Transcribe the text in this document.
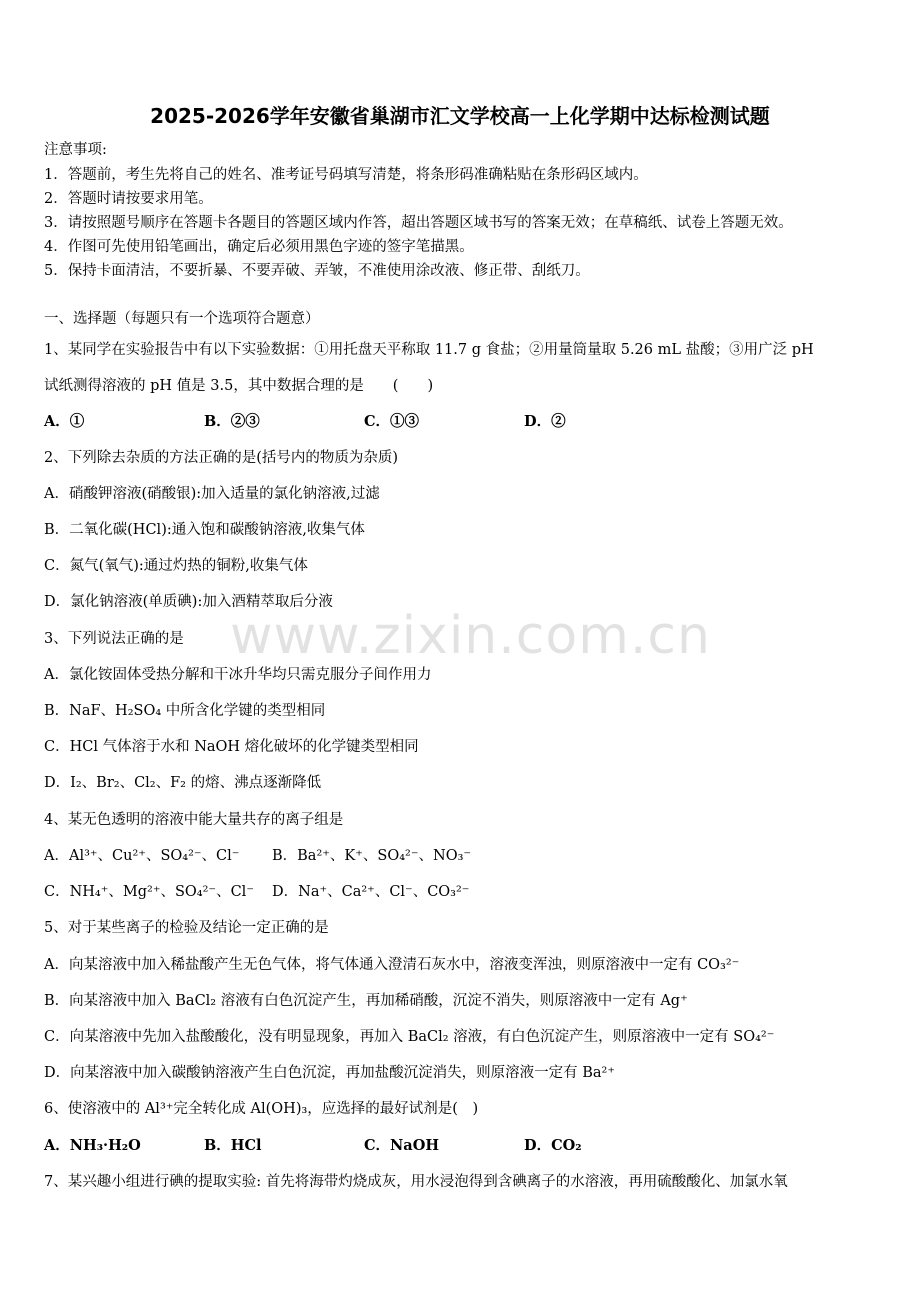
2025-2026学年安徽省巢湖市汇文学校高一上化学期中达标检测试题
注意事项:
1．答题前，考生先将自己的姓名、准考证号码填写清楚，将条形码准确粘贴在条形码区域内。
2．答题时请按要求用笔。
3．请按照题号顺序在答题卡各题目的答题区域内作答，超出答题区域书写的答案无效；在草稿纸、试卷上答题无效。
4．作图可先使用铅笔画出，确定后必须用黑色字迹的签字笔描黑。
5．保持卡面清洁，不要折暴、不要弄破、弄皱，不准使用涂改液、修正带、刮纸刀。
一、选择题（每题只有一个选项符合题意）
1、某同学在实验报告中有以下实验数据：①用托盘天平称取 11.7 g 食盐；②用量筒量取 5.26 mL 盐酸；③用广泛 pH
试纸测得溶液的 pH 值是 3.5，其中数据合理的是　　(　　)
A．①	B．②③	C．①③	D．②
2、下列除去杂质的方法正确的是(括号内的物质为杂质)
A．硝酸钾溶液(硝酸银):加入适量的氯化钠溶液,过滤
B．二氧化碳(HCl):通入饱和碳酸钠溶液,收集气体
C．氮气(氧气):通过灼热的铜粉,收集气体
D．氯化钠溶液(单质碘):加入酒精萃取后分液
3、下列说法正确的是
A．氯化铵固体受热分解和干冰升华均只需克服分子间作用力
B．NaF、H₂SO₄ 中所含化学键的类型相同
C．HCl 气体溶于水和 NaOH 熔化破坏的化学键类型相同
D．I₂、Br₂、Cl₂、F₂ 的熔、沸点逐渐降低
4、某无色透明的溶液中能大量共存的离子组是
A．Al³⁺、Cu²⁺、SO₄²⁻、Cl⁻ B．Ba²⁺、K⁺、SO₄²⁻、NO₃⁻
C．NH₄⁺、Mg²⁺、SO₄²⁻、Cl⁻ D．Na⁺、Ca²⁺、Cl⁻、CO₃²⁻
5、对于某些离子的检验及结论一定正确的是
A．向某溶液中加入稀盐酸产生无色气体，将气体通入澄清石灰水中，溶液变浑浊，则原溶液中一定有 CO₃²⁻
B．向某溶液中加入 BaCl₂ 溶液有白色沉淀产生，再加稀硝酸，沉淀不消失，则原溶液中一定有 Ag⁺
C．向某溶液中先加入盐酸酸化，没有明显现象，再加入 BaCl₂ 溶液，有白色沉淀产生，则原溶液中一定有 SO₄²⁻
D．向某溶液中加入碳酸钠溶液产生白色沉淀，再加盐酸沉淀消失，则原溶液一定有 Ba²⁺
6、使溶液中的 Al³⁺完全转化成 Al(OH)₃，应选择的最好试剂是(　)
A．NH₃·H₂O	B．HCl	C．NaOH	D．CO₂
7、某兴趣小组进行碘的提取实验: 首先将海带灼烧成灰，用水浸泡得到含碘离子的水溶液，再用硫酸酸化、加氯水氧
www.zixin.com.cn
